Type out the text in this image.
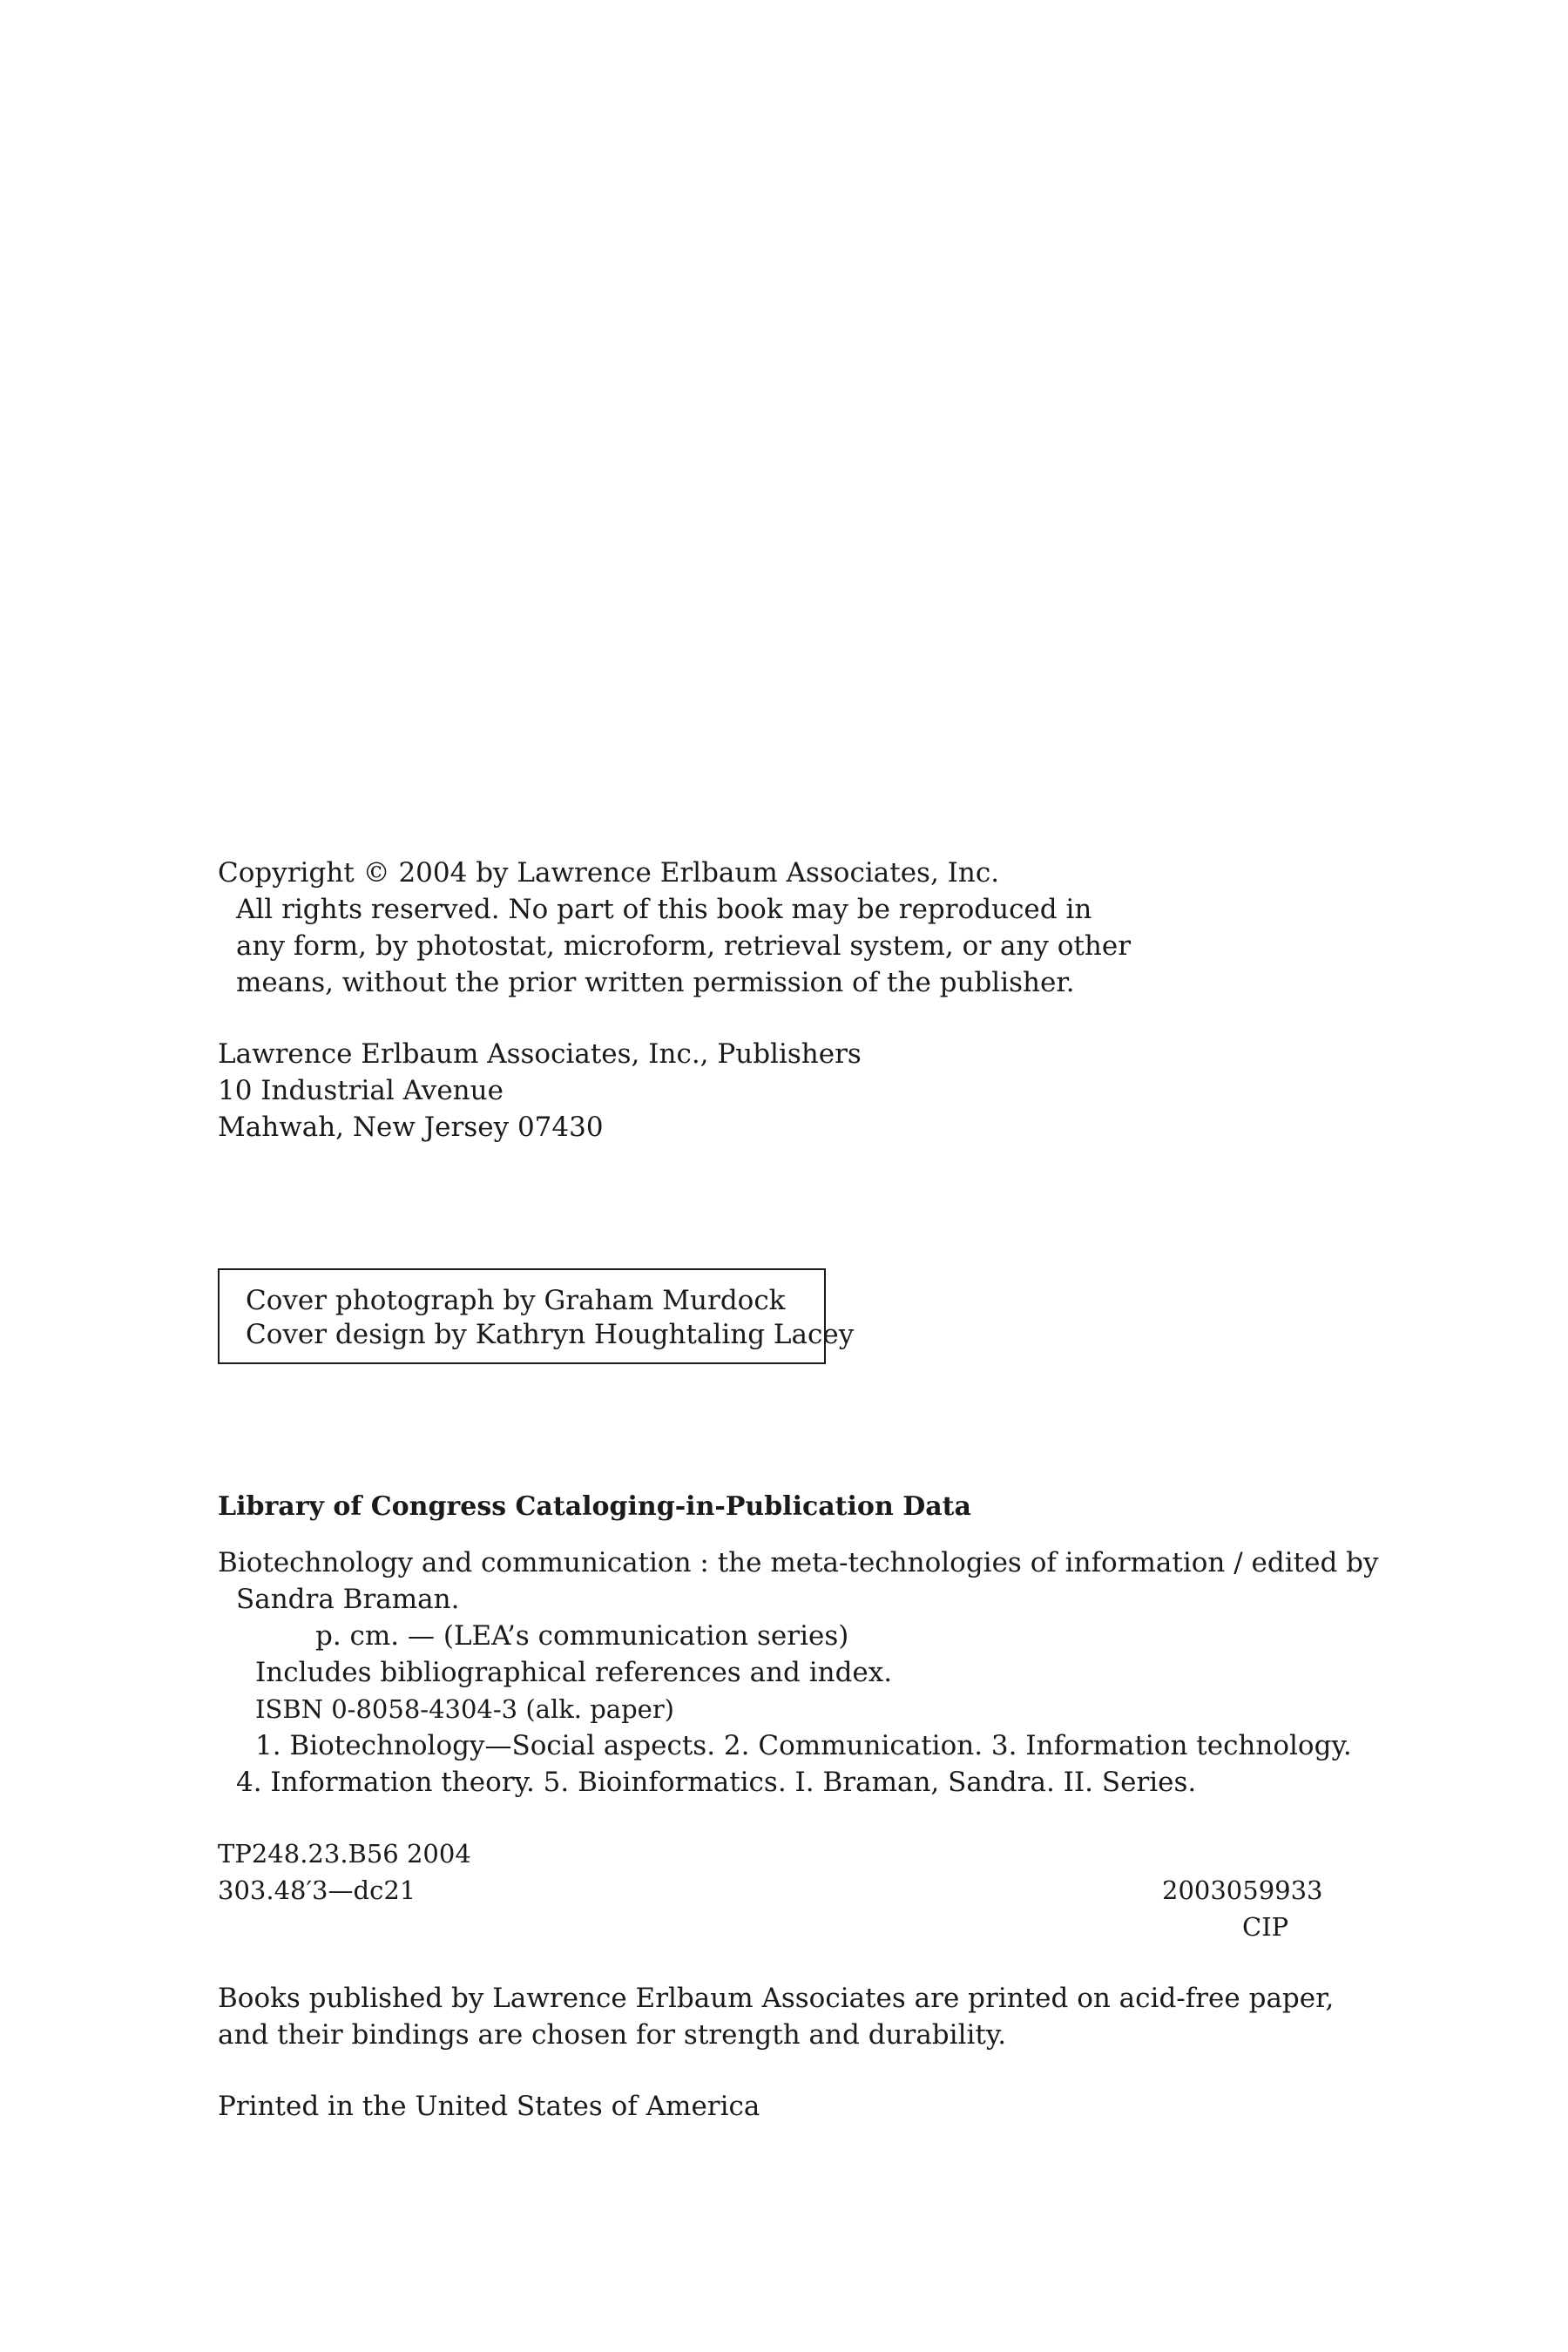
Copyright © 2004 by Lawrence Erlbaum Associates, Inc.
All rights reserved. No part of this book may be reproduced in
any form, by photostat, microform, retrieval system, or any other
means, without the prior written permission of the publisher.
Lawrence Erlbaum Associates, Inc., Publishers
10 Industrial Avenue
Mahwah, New Jersey 07430
Cover photograph by Graham Murdock
Cover design by Kathryn Houghtaling Lacey
Library of Congress Cataloging-in-Publication Data
Biotechnology and communication : the meta-technologies of information / edited by
Sandra Braman.
p. cm. — (LEA’s communication series)
Includes bibliographical references and index.
ISBN 0-8058-4304-3 (alk. paper)
1. Biotechnology—Social aspects. 2. Communication. 3. Information technology.
4. Information theory. 5. Bioinformatics. I. Braman, Sandra. II. Series.
TP248.23.B56 2004
303.48′3—dc21	2003059933
CIP
Books published by Lawrence Erlbaum Associates are printed on acid-free paper,
and their bindings are chosen for strength and durability.
Printed in the United States of America
